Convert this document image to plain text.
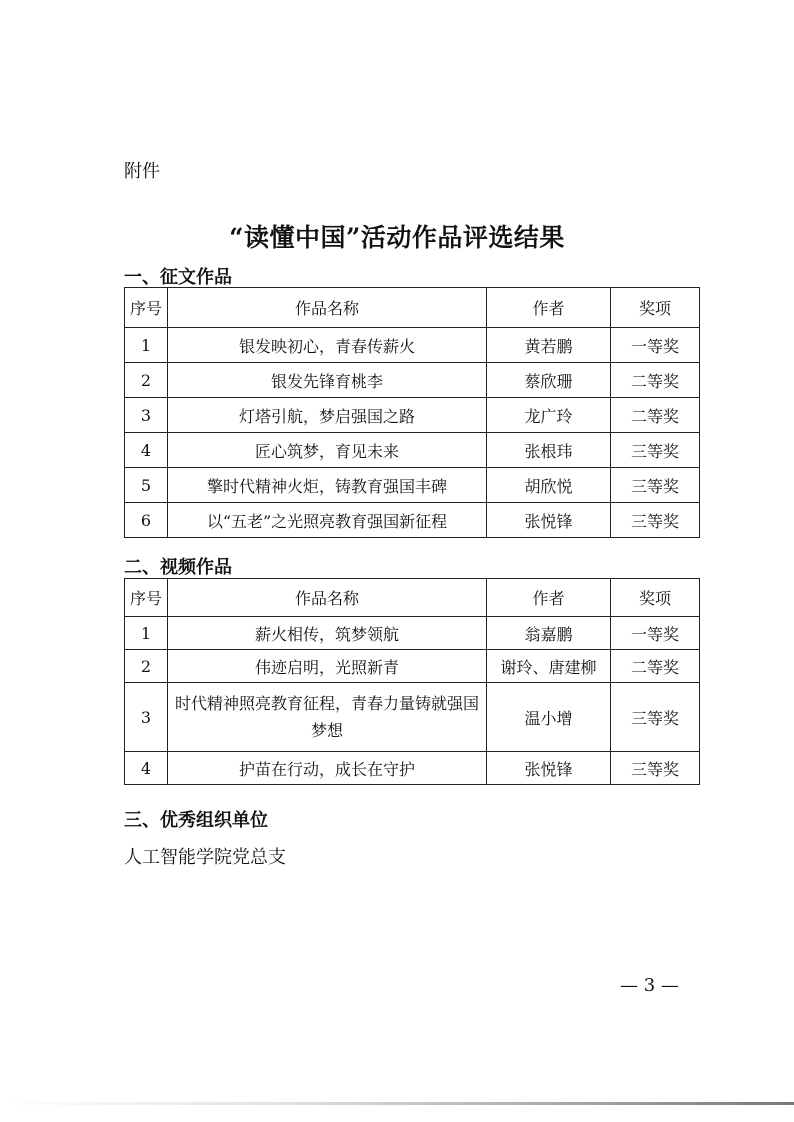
附件
“读懂中国”活动作品评选结果
一、征文作品
序号	作品名称	作者	奖项
1	银发映初心，青春传薪火	黄若鹏	一等奖
2	银发先锋育桃李	蔡欣珊	二等奖
3	灯塔引航，梦启强国之路	龙广玲	二等奖
4	匠心筑梦，育见未来	张根玮	三等奖
5	擎时代精神火炬，铸教育强国丰碑	胡欣悦	三等奖
6	以“五老”之光照亮教育强国新征程	张悦锋	三等奖
二、视频作品
序号	作品名称	作者	奖项
1	薪火相传，筑梦领航	翁嘉鹏	一等奖
2	伟迹启明，光照新青	谢玲、唐建柳	二等奖
3	时代精神照亮教育征程，青春力量铸就强国梦想	温小增	三等奖
4	护苗在行动，成长在守护	张悦锋	三等奖
三、优秀组织单位
人工智能学院党总支
— 3 —
